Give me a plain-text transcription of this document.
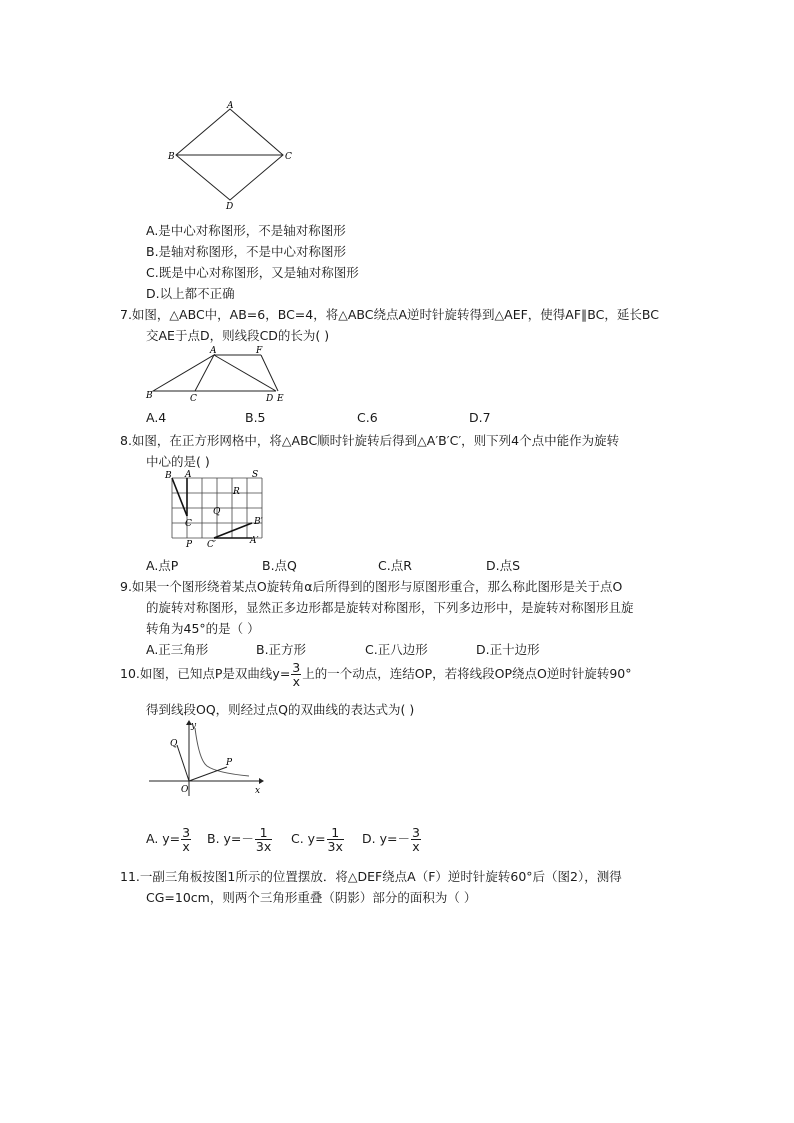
A
B	C
D
A.是中心对称图形，不是轴对称图形
B.是轴对称图形，不是中心对称图形
C.既是中心对称图形，又是轴对称图形
D.以上都不正确
7.如图，△ABC中，AB=6，BC=4，将△ABC绕点A逆时针旋转得到△AEF，使得AF∥BC，延长BC
交AE于点D，则线段CD的长为( )
A	F
B	C	D E
A.4	B.5	C.6	D.7
8.如图，在正方形网格中，将△ABC顺时针旋转后得到△A′B′C′，则下列4个点中能作为旋转
中心的是( )
B A
R
S
Q
C	B′
P C′	A′
A.点P	B.点Q	C.点R	D.点S
9.如果一个图形绕着某点O旋转角α后所得到的图形与原图形重合，那么称此图形是关于点O
的旋转对称图形，显然正多边形都是旋转对称图形，下列多边形中，是旋转对称图形且旋
转角为45°的是（ ）
A.正三角形	B.正方形	C.正八边形	D.正十边形
10.如图，已知点P是双曲线$y= \frac{3}{x}$ 上的一个动点，连结OP，若将线段OP绕点O逆时针旋转90°
得到线段OQ，则经过点Q的双曲线的表达式为( )
y
Q
P
O	x
A. $y= \frac{3}{x} B$. $y=- \frac{1}{3x} C$. $y= \frac{1}{3x} D$. $y=- \frac{3}{x}$
11.一副三角板按图1所示的位置摆放．将△DEF绕点A（F）逆时针旋转60°后（图2），测得
CG=10cm，则两个三角形重叠（阴影）部分的面积为（ ）
